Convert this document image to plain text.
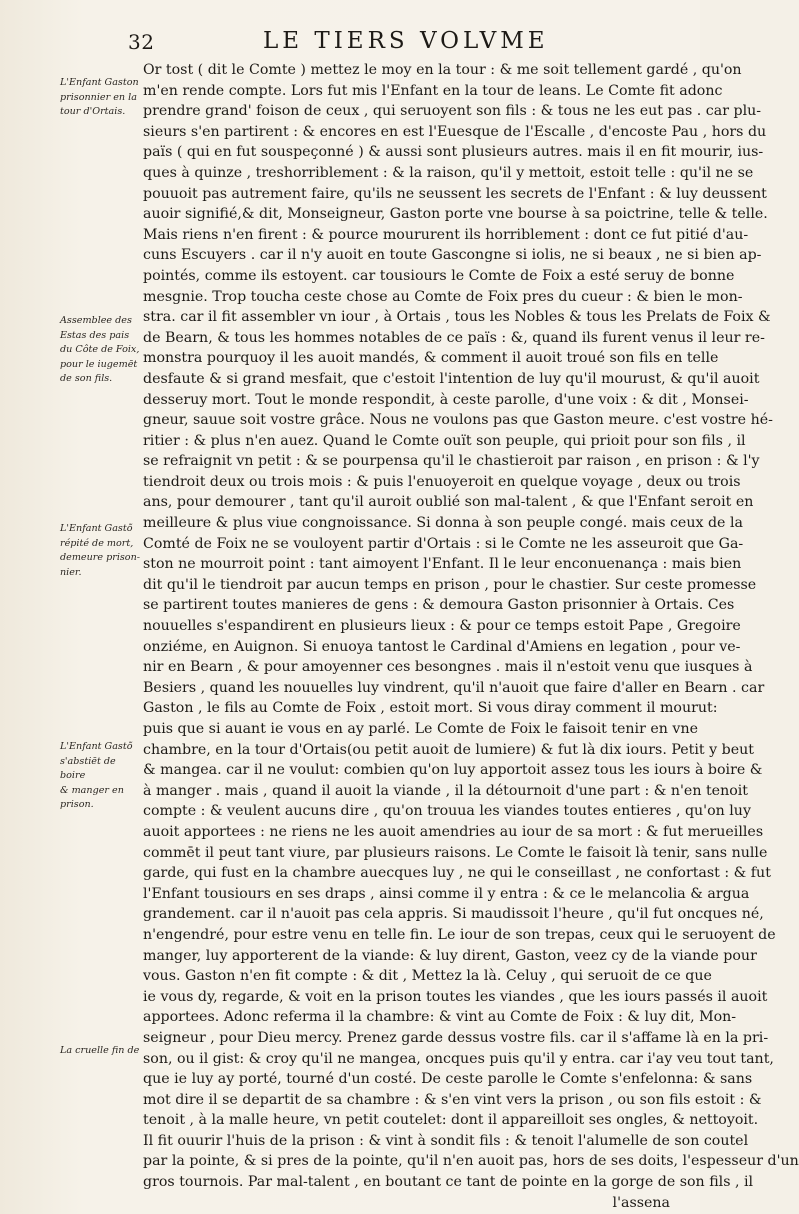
32	LE TIERS VOLVME
L'Enfant Gaston
prisonnier en la
tour d'Ortais.
Assemblee des
Estas des pais
du Côte de Foix,
pour le iugemēt
de son fils.
L'Enfant Gastõ
répité de mort,
demeure prison-
nier.
L'Enfant Gastõ
s'abstiēt de boire
& manger en
prison.
La cruelle fin de
Or tost ( dit le Comte ) mettez le moy en la tour : & me soit tellement gardé , qu'on
m'en rende compte. Lors fut mis l'Enfant en la tour de leans. Le Comte fit adonc
prendre grand' foison de ceux , qui seruoyent son fils : & tous ne les eut pas . car plu-
sieurs s'en partirent : & encores en est l'Euesque de l'Escalle , d'encoste Pau , hors du
païs ( qui en fut souspeçonné ) & aussi sont plusieurs autres. mais il en fit mourir, ius-
ques à quinze , treshorriblement : & la raison, qu'il y mettoit, estoit telle : qu'il ne se
pouuoit pas autrement faire, qu'ils ne seussent les secrets de l'Enfant : & luy deussent
auoir signifié,& dit, Monseigneur, Gaston porte vne bourse à sa poictrine, telle & telle.
Mais riens n'en firent : & pource moururent ils horriblement : dont ce fut pitié d'au-
cuns Escuyers . car il n'y auoit en toute Gascongne si iolis, ne si beaux , ne si bien ap-
pointés, comme ils estoyent. car tousiours le Comte de Foix a esté seruy de bonne
mesgnie. Trop toucha ceste chose au Comte de Foix pres du cueur : & bien le mon-
stra. car il fit assembler vn iour , à Ortais , tous les Nobles & tous les Prelats de Foix &
de Bearn, & tous les hommes notables de ce païs : &, quand ils furent venus il leur re-
monstra pourquoy il les auoit mandés, & comment il auoit troué son fils en telle
desfaute & si grand mesfait, que c'estoit l'intention de luy qu'il mourust, & qu'il auoit
desseruy mort. Tout le monde respondit, à ceste parolle, d'une voix : & dit , Monsei-
gneur, sauue soit vostre grâce. Nous ne voulons pas que Gaston meure. c'est vostre hé-
ritier : & plus n'en auez. Quand le Comte ouït son peuple, qui prioit pour son fils , il
se refraignit vn petit : & se pourpensa qu'il le chastieroit par raison , en prison : & l'y
tiendroit deux ou trois mois : & puis l'enuoyeroit en quelque voyage , deux ou trois
ans, pour demourer , tant qu'il auroit oublié son mal-talent , & que l'Enfant seroit en
meilleure & plus viue congnoissance. Si donna à son peuple congé. mais ceux de la
Comté de Foix ne se vouloyent partir d'Ortais : si le Comte ne les asseuroit que Ga-
ston ne mourroit point : tant aimoyent l'Enfant. Il le leur enconuenança : mais bien
dit qu'il le tiendroit par aucun temps en prison , pour le chastier. Sur ceste promesse
se partirent toutes manieres de gens : & demoura Gaston prisonnier à Ortais. Ces
nouuelles s'espandirent en plusieurs lieux : & pour ce temps estoit Pape , Gregoire
onziéme, en Auignon. Si enuoya tantost le Cardinal d'Amiens en legation , pour ve-
nir en Bearn , & pour amoyenner ces besongnes . mais il n'estoit venu que iusques à
Besiers , quand les nouuelles luy vindrent, qu'il n'auoit que faire d'aller en Bearn . car
Gaston , le fils au Comte de Foix , estoit mort. Si vous diray comment il mourut:
puis que si auant ie vous en ay parlé. Le Comte de Foix le faisoit tenir en vne
chambre, en la tour d'Ortais(ou petit auoit de lumiere) & fut là dix iours. Petit y beut
& mangea. car il ne voulut: combien qu'on luy apportoit assez tous les iours à boire &
à manger . mais , quand il auoit la viande , il la détournoit d'une part : & n'en tenoit
compte : & veulent aucuns dire , qu'on trouua les viandes toutes entieres , qu'on luy
auoit apportees : ne riens ne les auoit amendries au iour de sa mort : & fut merueilles
commēt il peut tant viure, par plusieurs raisons. Le Comte le faisoit là tenir, sans nulle
garde, qui fust en la chambre auecques luy , ne qui le conseillast , ne confortast : & fut
l'Enfant tousiours en ses draps , ainsi comme il y entra : & ce le melancolia & argua
grandement. car il n'auoit pas cela appris. Si maudissoit l'heure , qu'il fut oncques né,
n'engendré, pour estre venu en telle fin. Le iour de son trepas, ceux qui le seruoyent de
manger, luy apporterent de la viande: & luy dirent, Gaston, veez cy de la viande pour
vous. Gaston n'en fit compte : & dit , Mettez la là. Celuy , qui seruoit de ce que
ie vous dy, regarde, & voit en la prison toutes les viandes , que les iours passés il auoit
apportees. Adonc referma il la chambre: & vint au Comte de Foix : & luy dit, Mon-
seigneur , pour Dieu mercy. Prenez garde dessus vostre fils. car il s'affame là en la pri-
son, ou il gist: & croy qu'il ne mangea, oncques puis qu'il y entra. car i'ay veu tout tant,
que ie luy ay porté, tourné d'un costé. De ceste parolle le Comte s'enfelonna: & sans
mot dire il se departit de sa chambre : & s'en vint vers la prison , ou son fils estoit : &
tenoit , à la malle heure, vn petit coutelet: dont il appareilloit ses ongles, & nettoyoit.
Il fit ouurir l'huis de la prison : & vint à sondit fils : & tenoit l'alumelle de son coutel
par la pointe, & si pres de la pointe, qu'il n'en auoit pas, hors de ses doits, l'espesseur d'un
gros tournois. Par mal-talent , en boutant ce tant de pointe en la gorge de son fils , il
l'assena
